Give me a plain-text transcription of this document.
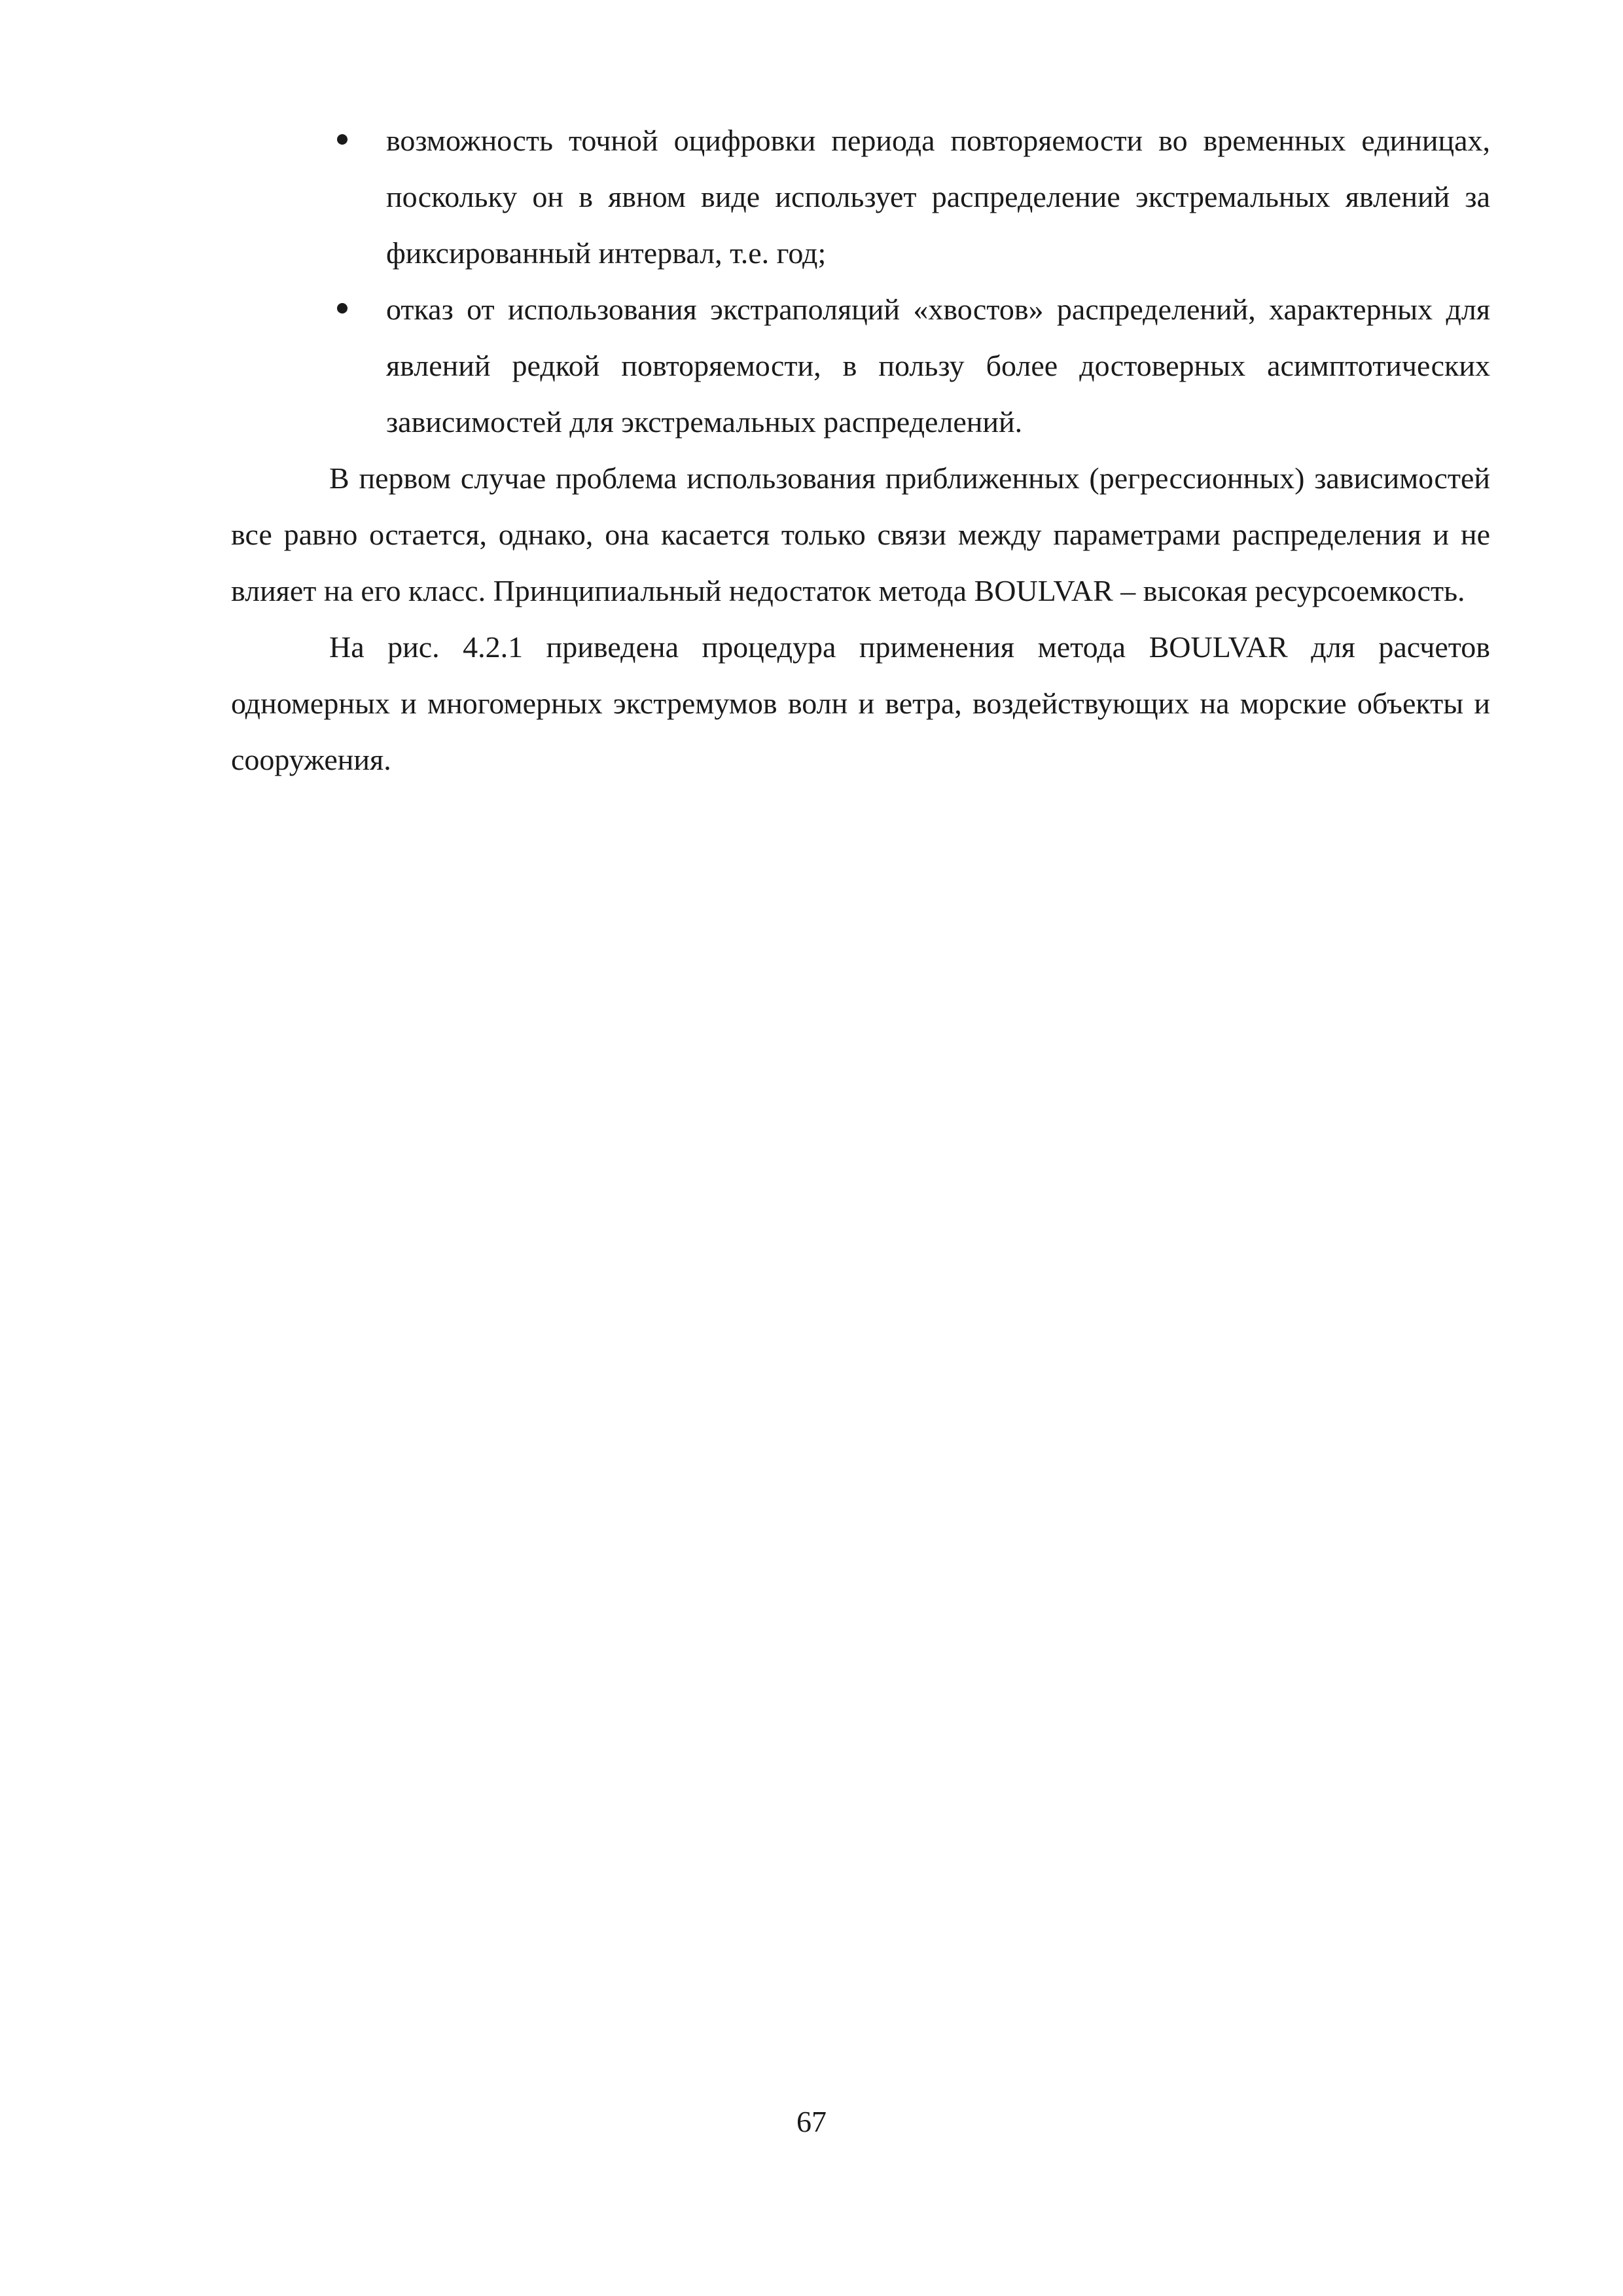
возможность точной оцифровки периода повторяемости во временных единицах, поскольку он в явном виде использует распределение экстремальных явлений за фиксированный интервал, т.е. год;
отказ от использования экстраполяций «хвостов» распределений, характерных для явлений редкой повторяемости, в пользу более достоверных асимптотических зависимостей для экстремальных распределений.

В первом случае проблема использования приближенных (регрессионных) зависимостей все равно остается, однако, она касается только связи между параметрами распределения и не влияет на его класс. Принципиальный недостаток метода BOULVAR – высокая ресурсоемкость.

На рис. 4.2.1 приведена процедура применения метода BOULVAR для расчетов одномерных и многомерных экстремумов волн и ветра, воздействующих на морские объекты и сооружения.

67
